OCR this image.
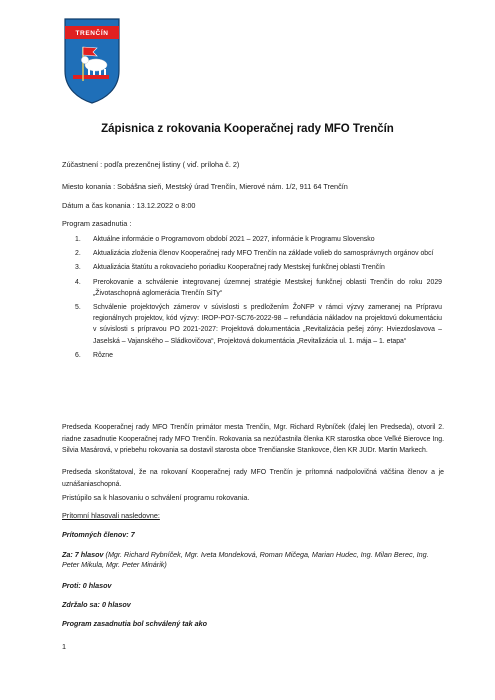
TRENČÍN
Zápisnica z rokovania Kooperačnej rady MFO Trenčín
Zúčastnení : podľa prezenčnej listiny ( viď. príloha č. 2)
Miesto konania : Sobášna sieň, Mestský úrad Trenčín, Mierové nám. 1/2, 911 64 Trenčín
Dátum a čas konania : 13.12.2022 o 8:00
Program zasadnutia :
1. Aktuálne informácie o Programovom období 2021 – 2027, informácie k Programu Slovensko
2. Aktualizácia zloženia členov Kooperačnej rady MFO Trenčín na základe volieb do samosprávnych orgánov obcí
3. Aktualizácia štatútu a rokovacieho poriadku Kooperačnej rady Mestskej funkčnej oblasti Trenčín
4. Prerokovanie a schválenie integrovanej územnej stratégie Mestskej funkčnej oblasti Trenčín do roku 2029 „Životaschopná aglomerácia Trenčín SiTy“
5. Schválenie projektových zámerov v súvislosti s predložením ŽoNFP v rámci výzvy zameranej na Prípravu regionálnych projektov, kód výzvy: IROP-PO7-SC76-2022-98 – refundácia nákladov na projektovú dokumentáciu v súvislosti s prípravou PO 2021-2027: Projektová dokumentácia „Revitalizácia pešej zóny: Hviezdoslavova – Jaselská – Vajanského – Sládkovičova“, Projektová dokumentácia „Revitalizácia ul. 1. mája – 1. etapa“
6. Rôzne
Predseda Kooperačnej rady MFO Trenčín primátor mesta Trenčín, Mgr. Richard Rybníček (ďalej len Predseda), otvoril 2. riadne zasadnutie Kooperačnej rady MFO Trenčín. Rokovania sa nezúčastnila členka KR starostka obce Veľké Bierovce Ing. Silvia Masárová, v priebehu rokovania sa dostavil starosta obce Trenčianske Stankovce, člen KR JUDr. Martin Markech.
Predseda skonštatoval, že na rokovaní Kooperačnej rady MFO Trenčín je prítomná nadpolovičná väčšina členov a je uznášaniaschopná.
Pristúpilo sa k hlasovaniu o schválení programu rokovania.
Prítomní hlasovali nasledovne:
Prítomných členov: 7
Za: 7 hlasov (Mgr. Richard Rybníček, Mgr. Iveta Mondeková, Roman Mičega, Marian Hudec, Ing. Milan Berec, Ing. Peter Mikula, Mgr. Peter Minárik)
Proti: 0 hlasov
Zdržalo sa: 0 hlasov
Program zasadnutia bol schválený tak ako
1
